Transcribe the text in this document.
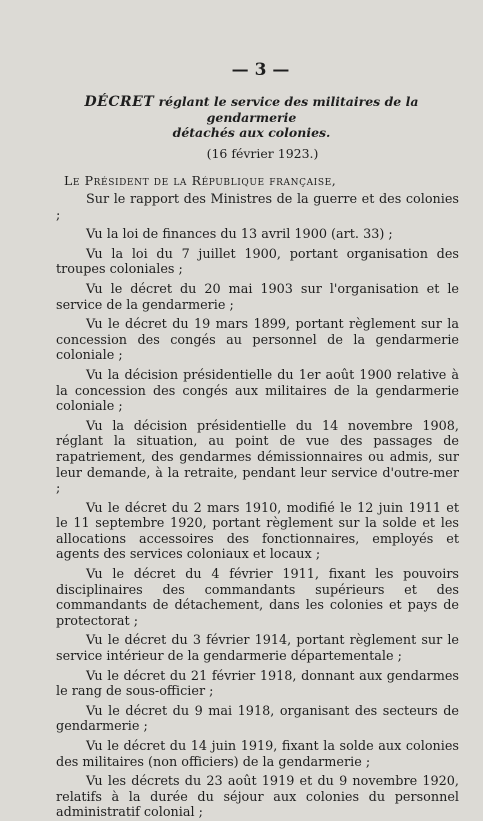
— 3 —
DÉCRET réglant le service des militaires de la gendarmerie
détachés aux colonies.
(16 février 1923.)
Le Président de la République française,

Sur le rapport des Ministres de la guerre et des colonies ;

Vu la loi de finances du 13 avril 1900 (art. 33) ;

Vu la loi du 7 juillet 1900, portant organisation des troupes coloniales ;

Vu le décret du 20 mai 1903 sur l'organisation et le service de la gendarmerie ;

Vu le décret du 19 mars 1899, portant règlement sur la concession des congés au personnel de la gendarmerie coloniale ;

Vu la décision présidentielle du 1er août 1900 relative à la concession des congés aux militaires de la gendarmerie coloniale ;

Vu la décision présidentielle du 14 novembre 1908, réglant la situation, au point de vue des passages de rapatriement, des gendarmes démissionnaires ou admis, sur leur demande, à la retraite, pendant leur service d'outre-mer ;

Vu le décret du 2 mars 1910, modifié le 12 juin 1911 et le 11 septembre 1920, portant règlement sur la solde et les allocations accessoires des fonctionnaires, employés et agents des services coloniaux et locaux ;

Vu le décret du 4 février 1911, fixant les pouvoirs disciplinaires des commandants supérieurs et des commandants de détachement, dans les colonies et pays de protectorat ;

Vu le décret du 3 février 1914, portant règlement sur le service intérieur de la gendarmerie départementale ;

Vu le décret du 21 février 1918, donnant aux gendarmes le rang de sous-officier ;

Vu le décret du 9 mai 1918, organisant des secteurs de gendarmerie ;

Vu le décret du 14 juin 1919, fixant la solde aux colonies des militaires (non officiers) de la gendarmerie ;

Vu les décrets du 23 août 1919 et du 9 novembre 1920, relatifs à la durée du séjour aux colonies du personnel administratif colonial ;
